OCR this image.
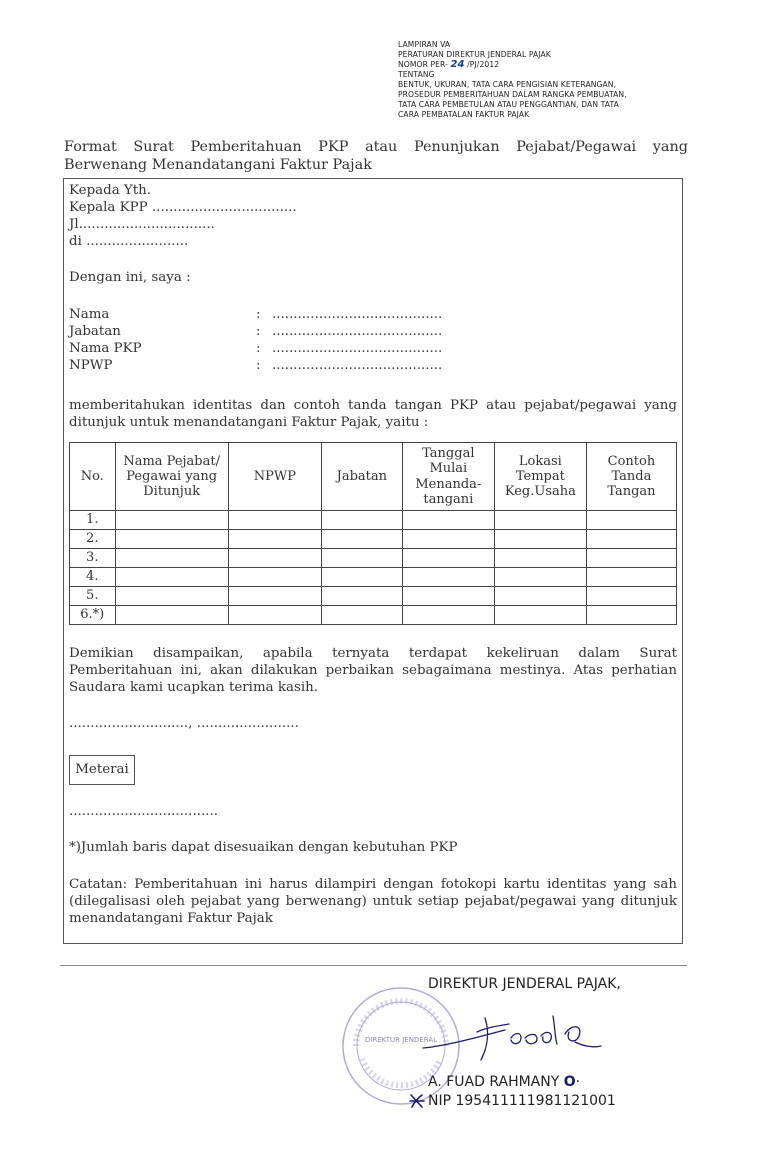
LAMPIRAN VA
PERATURAN DIREKTUR JENDERAL PAJAK
NOMOR PER- 24 /PJ/2012
TENTANG
BENTUK, UKURAN, TATA CARA PENGISIAN KETERANGAN,
PROSEDUR PEMBERITAHUAN DALAM RANGKA PEMBUATAN,
TATA CARA PEMBETULAN ATAU PENGGANTIAN, DAN TATA
CARA PEMBATALAN FAKTUR PAJAK
Format Surat Pemberitahuan PKP atau Penunjukan Pejabat/Pegawai yang Berwenang Menandatangani Faktur Pajak
Kepada Yth.
Kepala KPP ..................................
Jl................................
di ........................
Dengan ini, saya :
Nama	: ........................................
Jabatan	: ........................................
Nama PKP	: ........................................
NPWP	: ........................................
memberitahukan identitas dan contoh tanda tangan PKP atau pejabat/pegawai yang ditunjuk untuk menandatangani Faktur Pajak, yaitu :
No.	Nama Pejabat/ Pegawai yang Ditunjuk	NPWP	Jabatan	Tanggal Mulai Menanda-tangani	Lokasi Tempat Keg.Usaha	Contoh Tanda Tangan
1.						
2.						
3.						
4.						
5.						
6.*)						
Demikian disampaikan, apabila ternyata terdapat kekeliruan dalam Surat Pemberitahuan ini, akan dilakukan perbaikan sebagaimana mestinya. Atas perhatian Saudara kami ucapkan terima kasih.
............................, ........................
Meterai
...................................
*)Jumlah baris dapat disesuaikan dengan kebutuhan PKP
Catatan: Pemberitahuan ini harus dilampiri dengan fotokopi kartu identitas yang sah (dilegalisasi oleh pejabat yang berwenang) untuk setiap pejabat/pegawai yang ditunjuk menandatangani Faktur Pajak
DIREKTUR JENDERAL
DIREKTUR JENDERAL PAJAK,
Fuad
A. FUAD RAHMANY O·
NIP 195411111981121001
